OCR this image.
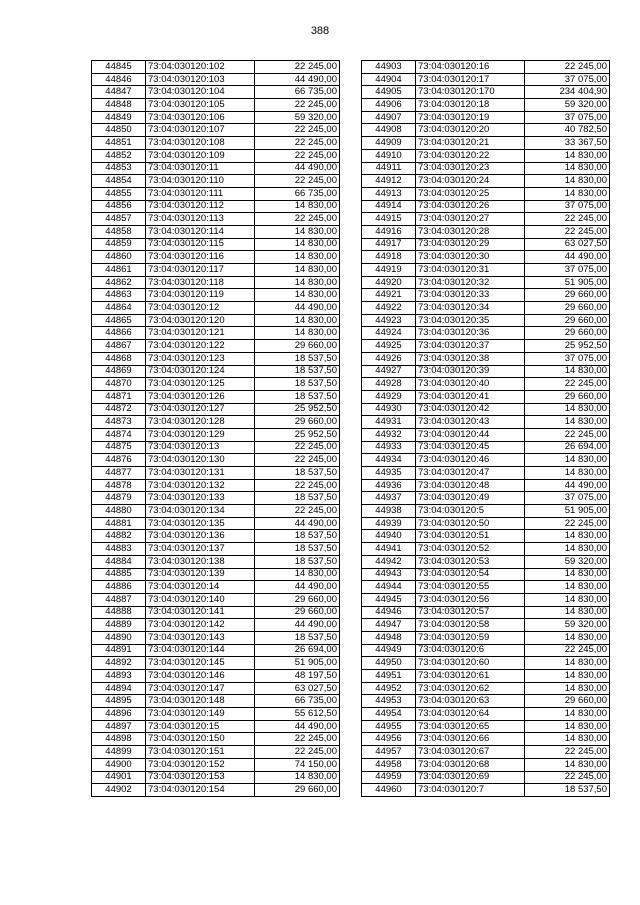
388
44845	73:04:030120:102	22 245,00
44846	73:04:030120:103	44 490,00
44847	73:04:030120:104	66 735,00
44848	73:04:030120:105	22 245,00
44849	73:04:030120:106	59 320,00
44850	73:04:030120:107	22 245,00
44851	73:04:030120:108	22 245,00
44852	73:04:030120:109	22 245,00
44853	73:04:030120:11	44 490,00
44854	73:04:030120:110	22 245,00
44855	73:04:030120:111	66 735,00
44856	73:04:030120:112	14 830,00
44857	73:04:030120:113	22 245,00
44858	73:04:030120:114	14 830,00
44859	73:04:030120:115	14 830,00
44860	73:04:030120:116	14 830,00
44861	73:04:030120:117	14 830,00
44862	73:04:030120:118	14 830,00
44863	73:04:030120:119	14 830,00
44864	73:04:030120:12	44 490,00
44865	73:04:030120:120	14 830,00
44866	73:04:030120:121	14 830,00
44867	73:04:030120:122	29 660,00
44868	73:04:030120:123	18 537,50
44869	73:04:030120:124	18 537,50
44870	73:04:030120:125	18 537,50
44871	73:04:030120:126	18 537,50
44872	73:04:030120:127	25 952,50
44873	73:04:030120:128	29 660,00
44874	73:04:030120:129	25 952,50
44875	73:04:030120:13	22 245,00
44876	73:04:030120:130	22 245,00
44877	73:04:030120:131	18 537,50
44878	73:04:030120:132	22 245,00
44879	73:04:030120:133	18 537,50
44880	73:04:030120:134	22 245,00
44881	73:04:030120:135	44 490,00
44882	73:04:030120:136	18 537,50
44883	73:04:030120:137	18 537,50
44884	73:04:030120:138	18 537,50
44885	73:04:030120:139	14 830,00
44886	73:04:030120:14	44 490,00
44887	73:04:030120:140	29 660,00
44888	73:04:030120:141	29 660,00
44889	73:04:030120:142	44 490,00
44890	73:04:030120:143	18 537,50
44891	73:04:030120:144	26 694,00
44892	73:04:030120:145	51 905,00
44893	73:04:030120:146	48 197,50
44894	73:04:030120:147	63 027,50
44895	73:04:030120:148	66 735,00
44896	73:04:030120:149	55 612,50
44897	73:04:030120:15	44 490,00
44898	73:04:030120:150	22 245,00
44899	73:04:030120:151	22 245,00
44900	73:04:030120:152	74 150,00
44901	73:04:030120:153	14 830,00
44902	73:04:030120:154	29 660,00
44903	73:04:030120:16	22 245,00
44904	73:04:030120:17	37 075,00
44905	73:04:030120:170	234 404,90
44906	73:04:030120:18	59 320,00
44907	73:04:030120:19	37 075,00
44908	73:04:030120:20	40 782,50
44909	73:04:030120:21	33 367,50
44910	73:04:030120:22	14 830,00
44911	73:04:030120:23	14 830,00
44912	73:04:030120:24	14 830,00
44913	73:04:030120:25	14 830,00
44914	73:04:030120:26	37 075,00
44915	73:04:030120:27	22 245,00
44916	73:04:030120:28	22 245,00
44917	73:04:030120:29	63 027,50
44918	73:04:030120:30	44 490,00
44919	73:04:030120:31	37 075,00
44920	73:04:030120:32	51 905,00
44921	73:04:030120:33	29 660,00
44922	73:04:030120:34	29 660,00
44923	73:04:030120:35	29 660,00
44924	73:04:030120:36	29 660,00
44925	73:04:030120:37	25 952,50
44926	73:04:030120:38	37 075,00
44927	73:04:030120:39	14 830,00
44928	73:04:030120:40	22 245,00
44929	73:04:030120:41	29 660,00
44930	73:04:030120:42	14 830,00
44931	73:04:030120:43	14 830,00
44932	73:04:030120:44	22 245,00
44933	73:04:030120:45	26 694,00
44934	73:04:030120:46	14 830,00
44935	73:04:030120:47	14 830,00
44936	73:04:030120:48	44 490,00
44937	73:04:030120:49	37 075,00
44938	73:04:030120:5	51 905,00
44939	73:04:030120:50	22 245,00
44940	73:04:030120:51	14 830,00
44941	73:04:030120:52	14 830,00
44942	73:04:030120:53	59 320,00
44943	73:04:030120:54	14 830,00
44944	73:04:030120:55	14 830,00
44945	73:04:030120:56	14 830,00
44946	73:04:030120:57	14 830,00
44947	73:04:030120:58	59 320,00
44948	73:04:030120:59	14 830,00
44949	73:04:030120:6	22 245,00
44950	73:04:030120:60	14 830,00
44951	73:04:030120:61	14 830,00
44952	73:04:030120:62	14 830,00
44953	73:04:030120:63	29 660,00
44954	73:04:030120:64	14 830,00
44955	73:04:030120:65	14 830,00
44956	73:04:030120:66	14 830,00
44957	73:04:030120:67	22 245,00
44958	73:04:030120:68	14 830,00
44959	73:04:030120:69	22 245,00
44960	73:04:030120:7	18 537,50
